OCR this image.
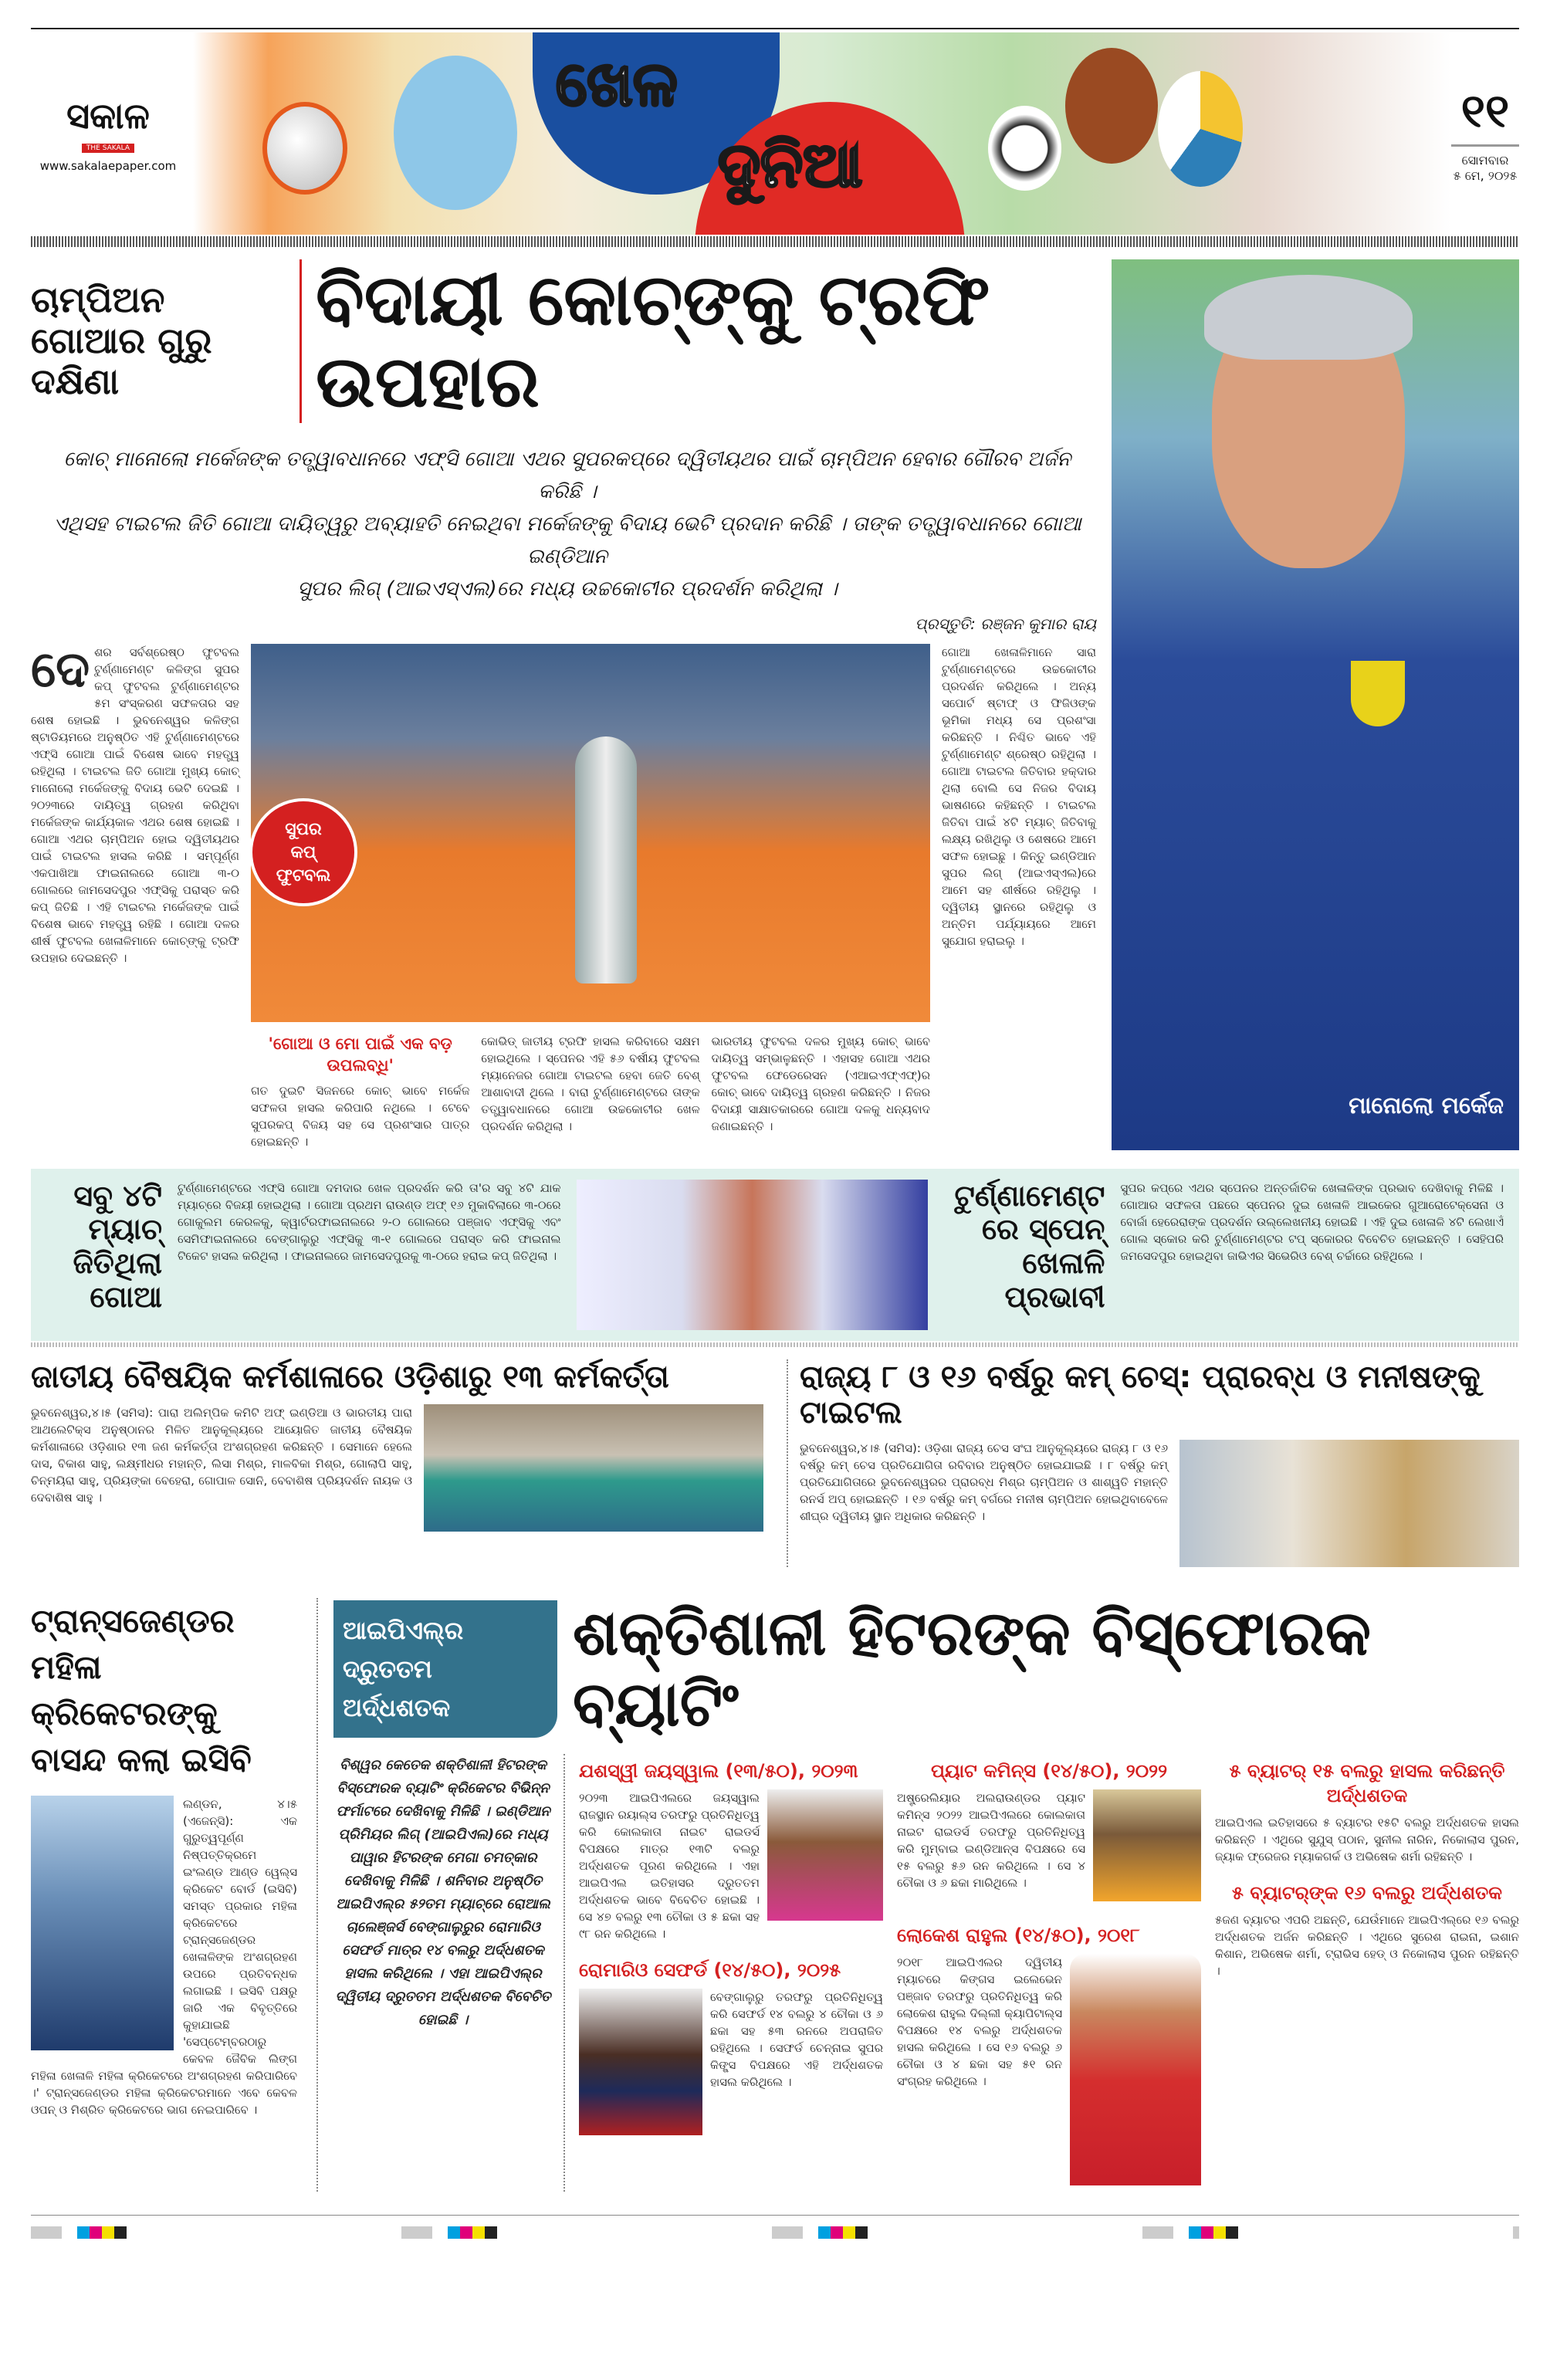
ସକାଳ
THE SAKALA
www.sakalaepaper.com
ଖେଳ
ଦୁନିଆ
୧୧
ସୋମବାର
୫ ମେ, ୨୦୨୫
ଚାମ୍ପିଅନ ଗୋଆର ଗୁରୁ ଦକ୍ଷିଣା
ବିଦାୟୀ କୋଚ୍‌ଙ୍କୁ ଟ୍ରଫି ଉପହାର
କୋଚ୍ ମାନୋଲୋ ମର୍କେଜଙ୍କ ତତ୍ତ୍ୱାବଧାନରେ ଏଫ୍‌ସି ଗୋଆ ଏଥର ସୁପରକପ୍‌ରେ ଦ୍ୱିତୀୟଥର ପାଇଁ ଚାମ୍ପିଅନ ହେବାର ଗୌରବ ଅର୍ଜନ କରିଛି ।
ଏଥିସହ ଟାଇଟଲ ଜିତି ଗୋଆ ଦାୟିତ୍ୱରୁ ଅବ୍ୟାହତି ନେଇଥିବା ମର୍କେଜଙ୍କୁ ବିଦାୟ ଭେଟି ପ୍ରଦାନ କରିଛି । ତାଙ୍କ ତତ୍ତ୍ୱାବଧାନରେ ଗୋଆ ଇଣ୍ଡିଆନ
ସୁପର ଲିଗ୍ (ଆଇଏସ୍ଏଲ)ରେ ମଧ୍ୟ ଉଚ୍ଚକୋଟୀର ପ୍ରଦର୍ଶନ କରିଥିଲା ।
ପ୍ରସ୍ତୁତି: ରଞ୍ଜନ କୁମାର ରାୟ
ଦେଶର ସର୍ବଶ୍ରେଷ୍ଠ ଫୁଟବଲ ଟୁର୍ଣ୍ଣାମେଣ୍ଟ କଳିଙ୍ଗ ସୁପର କପ୍ ଫୁଟବଲ ଟୁର୍ଣ୍ଣାମେଣ୍ଟର ୫ମ ସଂସ୍କରଣ ସଫଳତାର ସହ ଶେଷ ହୋଇଛି । ଭୁବନେଶ୍ୱର କଳିଙ୍ଗ ଷ୍ଟାଡିୟମରେ ଅନୁଷ୍ଠିତ ଏହି ଟୁର୍ଣ୍ଣାମେଣ୍ଟରେ ଏଫ୍‌ସି ଗୋଆ ପାଇଁ ବିଶେଷ ଭାବେ ମହତ୍ତ୍ୱ ରହିଥିଲା । ଟାଇଟଲ ଜିତି ଗୋଆ ମୁଖ୍ୟ କୋଚ୍ ମାନୋଲୋ ମର୍କେଜଙ୍କୁ ବିଦାୟ ଭେଟି ଦେଇଛି । ୨୦୨୩ରେ ଦାୟିତ୍ୱ ଗ୍ରହଣ କରିଥିବା ମର୍କେଜଙ୍କ କାର୍ଯ୍ୟକାଳ ଏଥର ଶେଷ ହୋଇଛି । ଗୋଆ ଏଥର ଚାମ୍ପିଅନ ହୋଇ ଦ୍ୱିତୀୟଥର ପାଇଁ ଟାଇଟଲ ହାସଲ କରିଛି । ସମ୍ପୂର୍ଣ୍ଣ ଏକପାଖିଆ ଫାଇନାଲରେ ଗୋଆ ୩-୦ ଗୋଲରେ ଜାମସେଦପୁର ଏଫ୍‌ସିକୁ ପରାସ୍ତ କରି କପ୍ ଜିତିଛି । ଏହି ଟାଇଟଲ ମର୍କେଜଙ୍କ ପାଇଁ ବିଶେଷ ଭାବେ ମହତ୍ତ୍ୱ ରହିଛି । ଗୋଆ ଦଳର ଶୀର୍ଷ ଫୁଟବଲ ଖେଳାଳିମାନେ କୋଚ୍‌ଙ୍କୁ ଟ୍ରଫି ଉପହାର ଦେଇଛନ୍ତି ।
ସୁପର
କପ୍
ଫୁଟବଲ
'ଗୋଆ ଓ ମୋ ପାଇଁ ଏକ ବଡ଼ ଉପଲବ୍ଧି'
ଗତ ଦୁଇଟି ସିଜନରେ କୋଚ୍ ଭାବେ ମର୍କେଜ ସଫଳତା ହାସଲ କରିପାରି ନଥିଲେ । ଟେବେ ସୁପରକପ୍ ବିଜୟ ସହ ସେ ପ୍ରଶଂସାର ପାତ୍ର ହୋଇଛନ୍ତି ।
କୋଭିଡ୍ ଜାତୀୟ ଟ୍ରଫି ହାସଲ କରିବାରେ ସକ୍ଷମ ହୋଇଥିଲେ । ସ୍ପେନର ଏହି ୫୬ ବର୍ଷୀୟ ଫୁଟବଲ ମ୍ୟାନେଜର ଗୋଆ ଟାଇଟଲ ହେବା ଜେତି ବେଶ୍ ଆଶାବାଦୀ ଥିଲେ । ବାରା ଟୁର୍ଣ୍ଣାମେଣ୍ଟରେ ତାଙ୍କ ତତ୍ତ୍ୱାବଧାନରେ ଗୋଆ ଉଚ୍ଚକୋଟୀର ଖେଳ ପ୍ରଦର୍ଶନ କରିଥିଲା ।
ଭାରତୀୟ ଫୁଟବଲ ଦଳର ମୁଖ୍ୟ କୋଚ୍ ଭାବେ ଦାୟିତ୍ୱ ସମ୍ଭାଳୁଛନ୍ତି । ଏହାସହ ଗୋଆ ଏଥର ଫୁଟବଲ ଫେଡେରେସନ (ଏଆଇଏଫ୍ଏଫ୍)ର କୋଚ୍ ଭାବେ ଦାୟିତ୍ୱ ଗ୍ରହଣ କରିଛନ୍ତି । ନିଜର ବିଦାୟୀ ସାକ୍ଷାତକାରରେ ଗୋଆ ଦଳକୁ ଧନ୍ୟବାଦ ଜଣାଇଛନ୍ତି ।
ଗୋଆ ଖେଳାଳିମାନେ ସାରା ଟୁର୍ଣ୍ଣାମେଣ୍ଟରେ ଉଚ୍ଚକୋଟୀର ପ୍ରଦର୍ଶନ କରିଥିଲେ । ଅନ୍ୟ ସପୋର୍ଟ ଷ୍ଟାଫ୍ ଓ ଫିଜିଓଙ୍କ ଭୂମିକା ମଧ୍ୟ ସେ ପ୍ରଶଂସା କରିଛନ୍ତି । ନିଶ୍ଚିତ ଭାବେ ଏହି ଟୁର୍ଣ୍ଣାମେଣ୍ଟ ଶ୍ରେଷ୍ଠ ରହିଥିଲା । ଗୋଆ ଟାଇଟଲ ଜିତିବାର ହକ୍‌ଦାର ଥିଲା ବୋଲି ସେ ନିଜର ବିଦାୟ ଭାଷଣରେ କହିଛନ୍ତି । ଟାଇଟଲ ଜିତିବା ପାଇଁ ୪ଟି ମ୍ୟାଚ୍ ଜିତିବାକୁ ଲକ୍ଷ୍ୟ ରଖିଥିଲୁ ଓ ଶେଷରେ ଆମେ ସଫଳ ହୋଇଛୁ । କିନ୍ତୁ ଇଣ୍ଡିଆନ ସୁପର ଲିଗ୍ (ଆଇଏସ୍ଏଲ)ରେ ଆମେ ସହ ଶୀର୍ଷରେ ରହିଥିଲୁ । ଦ୍ୱିତୀୟ ସ୍ଥାନରେ ରହିଥିଲୁ ଓ ଅନ୍ତିମ ପର୍ଯ୍ୟାୟରେ ଆମେ ସୁଯୋଗ ହରାଇଲୁ ।
ମାନୋଲୋ ମର୍କେଜ
ସବୁ ୪ଟି ମ୍ୟାଚ୍ ଜିତିଥିଲା ଗୋଆ
ଟୁର୍ଣ୍ଣାମେଣ୍ଟରେ ଏଫ୍‌ସି ଗୋଆ ଦମଦାର ଖେଳ ପ୍ରଦର୍ଶନ କରି ତା'ର ସବୁ ୪ଟି ଯାକ ମ୍ୟାଚ୍‌ରେ ବିଜୟୀ ହୋଇଥିଲା । ଗୋଆ ପ୍ରଥମ ରାଉଣ୍ଡ ଅଫ୍ ୧୬ ମୁକାବିଲାରେ ୩-୦ରେ ଗୋକୁଲମ କେରଳକୁ, କ୍ୱାର୍ଟରଫାଇନାଲରେ ୨-୦ ଗୋଲରେ ପଞ୍ଜାବ ଏଫ୍‌ସିକୁ ଏବଂ ସେମିଫାଇନାଲରେ ବେଙ୍ଗାଲୁରୁ ଏଫ୍‌ସିକୁ ୩-୧ ଗୋଲରେ ପରାସ୍ତ କରି ଫାଇନାଲ ଟିକେଟ ହାସଲ କରିଥିଲା । ଫାଇନାଲରେ ଜାମସେଦପୁରକୁ ୩-୦ରେ ହରାଇ କପ୍ ଜିତିଥିଲା ।
ଟୁର୍ଣ୍ଣାମେଣ୍ଟରେ ସ୍ପେନ୍ ଖେଳାଳି ପ୍ରଭାବୀ
ସୁପର କପ୍‌ରେ ଏଥର ସ୍ପେନର ଅନ୍ତର୍ଜାତିକ ଖେଳାଳିଙ୍କ ପ୍ରଭାବ ଦେଖିବାକୁ ମିଳିଛି । ଗୋଆର ସଫଳତା ପଛରେ ସ୍ପେନର ଦୁଇ ଖେଳାଳି ଆଇକେର ଗୁଆରୋଟେକ୍ସେନା ଓ ବୋର୍ଜା ହେରେରାଙ୍କ ପ୍ରଦର୍ଶନ ଉଲ୍ଲେଖନୀୟ ହୋଇଛି । ଏହି ଦୁଇ ଖେଳାଳି ୪ଟି ଲେଖାଏଁ ଗୋଲ ସ୍କୋର କରି ଟୁର୍ଣ୍ଣାମେଣ୍ଟର ଟପ୍ ସ୍କୋରର ବିବେଚିତ ହୋଇଛନ୍ତି । ସେହିପରି ଜମସେଦପୁର ହୋଇଥିବା ଜାଭିଏର ସିଭେରିଓ ବେଶ୍ ଚର୍ଚ୍ଚାରେ ରହିଥିଲେ ।
ଜାତୀୟ ବୈଷୟିକ କର୍ମଶାଳାରେ ଓଡ଼ିଶାରୁ ୧୩ କର୍ମକର୍ତ୍ତା
ଭୁବନେଶ୍ୱର,୪।୫ (ସମିସ): ପାରା ଅଲିମ୍ପିକ କମିଟି ଅଫ୍ ଇଣ୍ଡିଆ ଓ ଭାରତୀୟ ପାରା ଆଥଲେଟିକ୍ସ ଅନୁଷ୍ଠାନର ମିଳିତ ଆନୁକୂଲ୍ୟରେ ଆୟୋଜିତ ଜାତୀୟ ବୈଷୟିକ କର୍ମଶାଳାରେ ଓଡ଼ିଶାର ୧୩ ଜଣ କର୍ମକର୍ତ୍ତା ଅଂଶଗ୍ରହଣ କରିଛନ୍ତି । ସେମାନେ ହେଲେ ଦାସ, ବିକାଶ ସାହୁ, ଲକ୍ଷ୍ମୀଧର ମହାନ୍ତି, ଲିସା ମିଶ୍ର, ମାଳବିକା ମିଶ୍ର, ଗୋଲାପି ସାହୁ, ଚିନ୍ମୟିରା ସାହୁ, ପ୍ରିୟଙ୍କା ବେହେରା, ଗୋପାଳ ସୋନି, ବେବାଶିଷ ପ୍ରିୟଦର୍ଶନ ନାୟକ ଓ ଦେବାଶିଷ ସାହୁ ।
ରାଜ୍ୟ ୮ ଓ ୧୬ ବର୍ଷରୁ କମ୍ ଚେସ୍: ପ୍ରାରବ୍ଧ ଓ ମନୀଷଙ୍କୁ ଟାଇଟଲ
ଭୁବନେଶ୍ୱର,୪।୫ (ସମିସ): ଓଡ଼ିଶା ରାଜ୍ୟ ଚେସ ସଂଘ ଆନୁକୂଲ୍ୟରେ ରାଜ୍ୟ ୮ ଓ ୧୬ ବର୍ଷରୁ କମ୍ ଚେସ ପ୍ରତିଯୋଗିତା ରବିବାର ଅନୁଷ୍ଠିତ ହୋଇଯାଇଛି । ୮ ବର୍ଷରୁ କମ୍ ପ୍ରତିଯୋଗିତାରେ ଭୁବନେଶ୍ୱରର ପ୍ରାରବ୍ଧ ମିଶ୍ର ଚାମ୍ପିଅନ ଓ ଶାଶ୍ୱତି ମହାନ୍ତି ରନର୍ସ ଅପ୍ ହୋଇଛନ୍ତି । ୧୬ ବର୍ଷରୁ କମ୍ ବର୍ଗରେ ମନୀଷ ଚାମ୍ପିଅନ ହୋଇଥିବାବେଳେ ଶୀଘ୍ର ଦ୍ୱିତୀୟ ସ୍ଥାନ ଅଧିକାର କରିଛନ୍ତି ।
ଟ୍ରାନ୍ସଜେଣ୍ଡର ମହିଳା କ୍ରିକେଟରଙ୍କୁ ବାସନ୍ଦ କଲା ଇସିବି
ଲଣ୍ଡନ, ୪।୫ (ଏଜେନ୍ସି): ଏକ ଗୁରୁତ୍ୱପୂର୍ଣ୍ଣ ନିଷ୍ପତ୍ତିକ୍ରମେ ଇଂଲଣ୍ଡ ଆଣ୍ଡ ୱେଲ୍ସ କ୍ରିକେଟ ବୋର୍ଡ (ଇସିବି) ସମସ୍ତ ପ୍ରକାର ମହିଳା କ୍ରିକେଟରେ ଟ୍ରାନ୍ସଜେଣ୍ଡର ଖେଳାଳିଙ୍କ ଅଂଶଗ୍ରହଣ ଉପରେ ପ୍ରତିବନ୍ଧକ ଲଗାଇଛି । ଇସିବି ପକ୍ଷରୁ ଜାରି ଏକ ବିବୃତ୍ତିରେ କୁହାଯାଇଛି 'ସେପ୍ଟେମ୍ବରଠାରୁ କେବଳ ଜୈବିକ ଲିଙ୍ଗ ମହିଳା ଖେଳାଳି ମହିଳା କ୍ରିକେଟରେ ଅଂଶଗ୍ରହଣ କରିପାରିବେ ।' ଟ୍ରାନ୍ସଜେଣ୍ଡର ମହିଳା କ୍ରିକେଟରମାନେ ଏବେ କେବଳ ଓପନ୍ ଓ ମିଶ୍ରିତ କ୍ରିକେଟରେ ଭାଗ ନେଇପାରିବେ ।
ଆଇପିଏଲ୍‌ର ଦ୍ରୁତତମ ଅର୍ଦ୍ଧଶତକ
ଶକ୍ତିଶାଳୀ ହିଟରଙ୍କ ବିସ୍ଫୋରକ ବ୍ୟାଟିଂ
ବିଶ୍ୱର କେତେକ ଶକ୍ତିଶାଳୀ ହିଟରଙ୍କ ବିସ୍ଫୋରକ ବ୍ୟାଟିଂ କ୍ରିକେଟର ବିଭିନ୍ନ ଫର୍ମାଟରେ ଦେଖିବାକୁ ମିଳିଛି । ଇଣ୍ଡିଆନ ପ୍ରିମିୟର ଲିଗ୍ (ଆଇପିଏଲ)ରେ ମଧ୍ୟ ପାୱାର ହିଟରଙ୍କ ମେଗା ଚମତ୍କାର ଦେଖିବାକୁ ମିଳିଛି । ଶନିବାର ଅନୁଷ୍ଠିତ ଆଇପିଏଲ୍‌ର ୫୨ତମ ମ୍ୟାଚ୍‌ରେ ରୋଆଲ ଚାଲେଞ୍ଜର୍ସ ବେଙ୍ଗାଲୁରୁର ରୋମାରିଓ ସେଫର୍ଡ ମାତ୍ର ୧୪ ବଲରୁ ଅର୍ଦ୍ଧଶତକ ହାସଲ କରିଥିଲେ । ଏହା ଆଇପିଏଲ୍‌ର ଦ୍ୱିତୀୟ ଦ୍ରୁତତମ ଅର୍ଦ୍ଧଶତକ ବିବେଚିତ ହୋଇଛି ।
ଯଶସ୍ୱୀ ଜୟସ୍ୱାଲ (୧୩/୫୦), ୨୦୨୩
୨୦୨୩ ଆଇପିଏଲରେ ଜୟସ୍ୱାଲ ରାଜସ୍ଥାନ ରୟାଲ୍ସ ତରଫରୁ ପ୍ରତିନିଧିତ୍ୱ କରି କୋଲକାତା ନାଇଟ ରାଇଡର୍ସ ବିପକ୍ଷରେ ମାତ୍ର ୧୩ଟି ବଲରୁ ଅର୍ଦ୍ଧଶତକ ପୂରଣ କରିଥିଲେ । ଏହା ଆଇପିଏଲ ଇତିହାସର ଦ୍ରୁତତମ ଅର୍ଦ୍ଧଶତକ ଭାବେ ବିବେଚିତ ହୋଇଛି । ସେ ୪୭ ବଲରୁ ୧୩ ଚୌକା ଓ ୫ ଛକା ସହ ୯୮ ରନ କରିଥିଲେ ।
ରୋମାରିଓ ସେଫର୍ଡ (୧୪/୫୦), ୨୦୨୫
ବେଙ୍ଗାଲୁରୁ ତରଫରୁ ପ୍ରତିନିଧିତ୍ୱ କରି ସେଫର୍ଡ ୧୪ ବଲରୁ ୪ ଚୌକା ଓ ୬ ଛକା ସହ ୫୩ ରନରେ ଅପରାଜିତ ରହିଥିଲେ । ସେଫର୍ଡ ଚେନ୍ନାଇ ସୁପର କିଙ୍ଗ୍ସ ବିପକ୍ଷରେ ଏହି ଅର୍ଦ୍ଧଶତକ ହାସଲ କରିଥିଲେ ।
ପ୍ୟାଟ କମିନ୍ସ (୧୪/୫୦), ୨୦୨୨
ଅଷ୍ଟ୍ରେଲିୟାର ଅଲରାଉଣ୍ଡର ପ୍ୟାଟ କମିନ୍ସ ୨୦୨୨ ଆଇପିଏଲରେ କୋଲକାତା ନାଇଟ ରାଇଡର୍ସ ତରଫରୁ ପ୍ରତିନିଧିତ୍ୱ କରି ମୁମ୍ବାଇ ଇଣ୍ଡିଆନ୍ସ ବିପକ୍ଷରେ ସେ ୧୫ ବଲରୁ ୫୬ ରନ କରିଥିଲେ । ସେ ୪ ଚୌକା ଓ ୬ ଛକା ମାରିଥିଲେ ।
ଲୋକେଶ ରାହୁଲ (୧୪/୫୦), ୨୦୧୮
୨୦୧୮ ଆଇପିଏଲର ଦ୍ୱିତୀୟ ମ୍ୟାଚରେ କିଙ୍ଗସ ଇଲେଭେନ ପଞ୍ଜାବ ତରଫରୁ ପ୍ରତିନିଧିତ୍ୱ କରି ଲୋକେଶ ରାହୁଲ ଦିଲ୍ଲୀ କ୍ୟାପିଟାଲ୍ସ ବିପକ୍ଷରେ ୧୪ ବଲରୁ ଅର୍ଦ୍ଧଶତକ ହାସଲ କରିଥିଲେ । ସେ ୧୬ ବଲରୁ ୬ ଚୌକା ଓ ୪ ଛକା ସହ ୫୧ ରନ ସଂଗ୍ରହ କରିଥିଲେ ।
୫ ବ୍ୟାଟର୍ ୧୫ ବଲରୁ ହାସଲ କରିଛନ୍ତି ଅର୍ଦ୍ଧଶତକ
ଆଇପିଏଲ ଇତିହାସରେ ୫ ବ୍ୟାଟର ୧୫ଟି ବଲରୁ ଅର୍ଦ୍ଧଶତକ ହାସଲ କରିଛନ୍ତି । ଏଥିରେ ସୁଯୁସ୍ ପଠାନ, ସୁନୀଲ ନାରିନ, ନିକୋଲାସ ପୁରନ, ଜ୍ୟାକ ଫ୍ରେଜର ମ୍ୟାକଗର୍କ ଓ ଅଭିଷେକ ଶର୍ମା ରହିଛନ୍ତି ।
୫ ବ୍ୟାଟର୍‌ଙ୍କ ୧୬ ବଲରୁ ଅର୍ଦ୍ଧଶତକ
୫ଜଣ ବ୍ୟାଟର ଏପରି ଅଛନ୍ତି, ଯେଉଁମାନେ ଆଇପିଏଲ୍‌ରେ ୧୬ ବଲରୁ ଅର୍ଦ୍ଧଶତକ ଅର୍ଜନ କରିଛନ୍ତି । ଏଥିରେ ସୁରେଶ ରାଇନା, ଇଶାନ କିଶାନ, ଅଭିଷେକ ଶର୍ମା, ଟ୍ରାଭିସ ହେଡ୍ ଓ ନିକୋଲାସ ପୁରନ ରହିଛନ୍ତି ।
